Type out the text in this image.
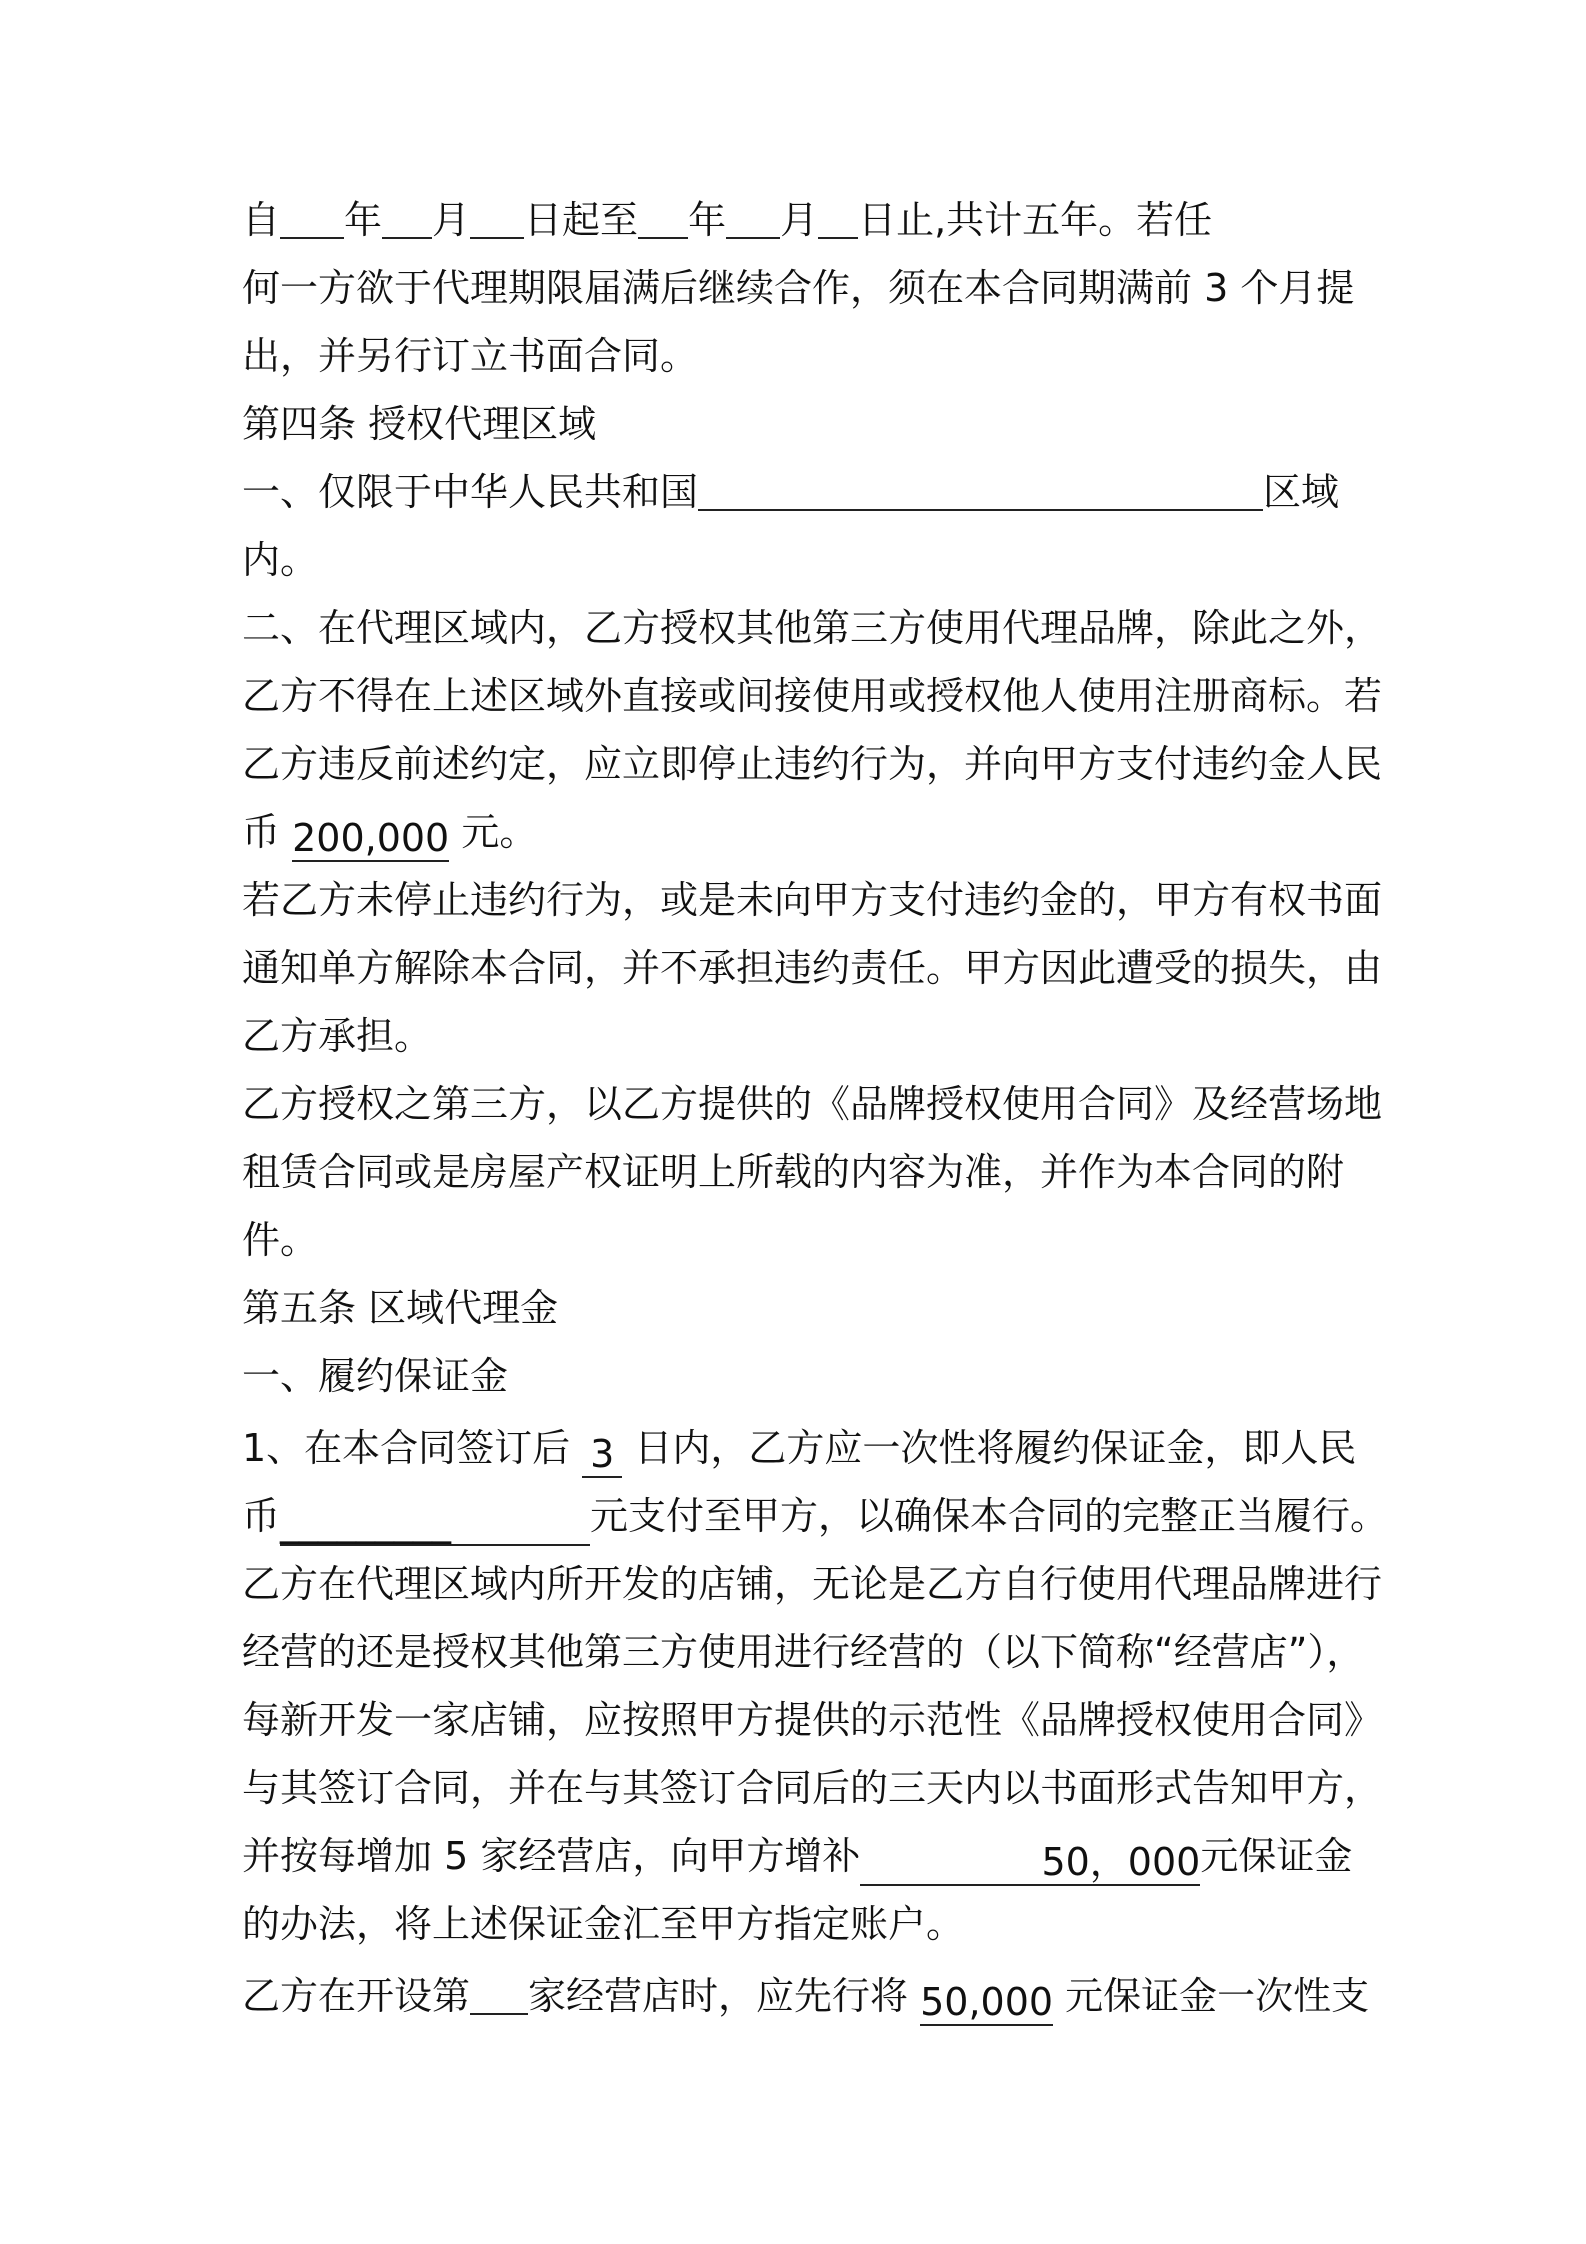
自 年 月 日起至 年 月 日止,共计五年。若任
何一方欲于代理期限届满后继续合作，须在本合同期满前 3 个月提
出，并另行订立书面合同。
第四条 授权代理区域
一、仅限于中华人民共和国	区域
内。
二、在代理区域内，乙方授权其他第三方使用代理品牌，除此之外，
乙方不得在上述区域外直接或间接使用或授权他人使用注册商标。若
乙方违反前述约定，应立即停止违约行为，并向甲方支付违约金人民
币 200,000 元。
若乙方未停止违约行为，或是未向甲方支付违约金的，甲方有权书面
通知单方解除本合同，并不承担违约责任。甲方因此遭受的损失，由
乙方承担。
乙方授权之第三方，以乙方提供的《品牌授权使用合同》及经营场地
租赁合同或是房屋产权证明上所载的内容为准，并作为本合同的附
件。
第五条 区域代理金
一、履约保证金
1、在本合同签订后 3 日内，乙方应一次性将履约保证金，即人民
币_________	元支付至甲方，以确保本合同的完整正当履行。
乙方在代理区域内所开发的店铺，无论是乙方自行使用代理品牌进行
经营的还是授权其他第三方使用进行经营的（以下简称“经营店”），
每新开发一家店铺，应按照甲方提供的示范性《品牌授权使用合同》
与其签订合同，并在与其签订合同后的三天内以书面形式告知甲方，
并按每增加 5 家经营店，向甲方增补	50，000元保证金
的办法，将上述保证金汇至甲方指定账户。
乙方在开设第 家经营店时，应先行将 50,000 元保证金一次性支
